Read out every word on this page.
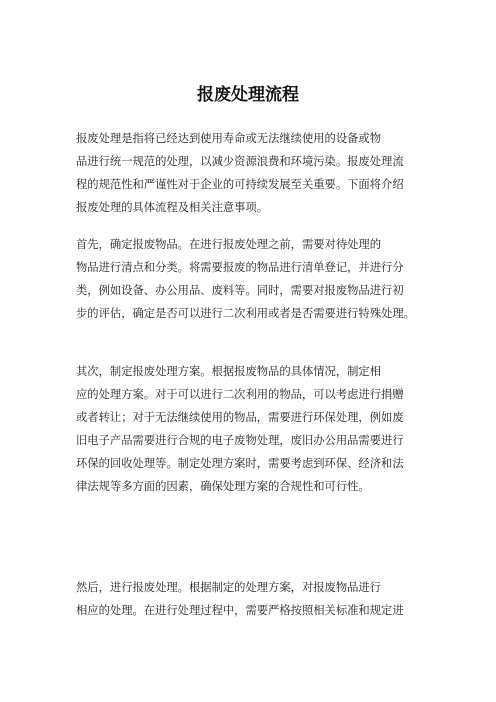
报废处理流程
报废处理是指将已经达到使用寿命或无法继续使用的设备或物
品进行统一规范的处理，以减少资源浪费和环境污染。报废处理流
程的规范性和严谨性对于企业的可持续发展至关重要。下面将介绍
报废处理的具体流程及相关注意事项。
首先，确定报废物品。在进行报废处理之前，需要对待处理的
物品进行清点和分类。将需要报废的物品进行清单登记，并进行分
类，例如设备、办公用品、废料等。同时，需要对报废物品进行初
步的评估，确定是否可以进行二次利用或者是否需要进行特殊处理。
其次，制定报废处理方案。根据报废物品的具体情况，制定相
应的处理方案。对于可以进行二次利用的物品，可以考虑进行捐赠
或者转让；对于无法继续使用的物品，需要进行环保处理，例如废
旧电子产品需要进行合规的电子废物处理，废旧办公用品需要进行
环保的回收处理等。制定处理方案时，需要考虑到环保、经济和法
律法规等多方面的因素，确保处理方案的合规性和可行性。
然后，进行报废处理。根据制定的处理方案，对报废物品进行
相应的处理。在进行处理过程中，需要严格按照相关标准和规定进
